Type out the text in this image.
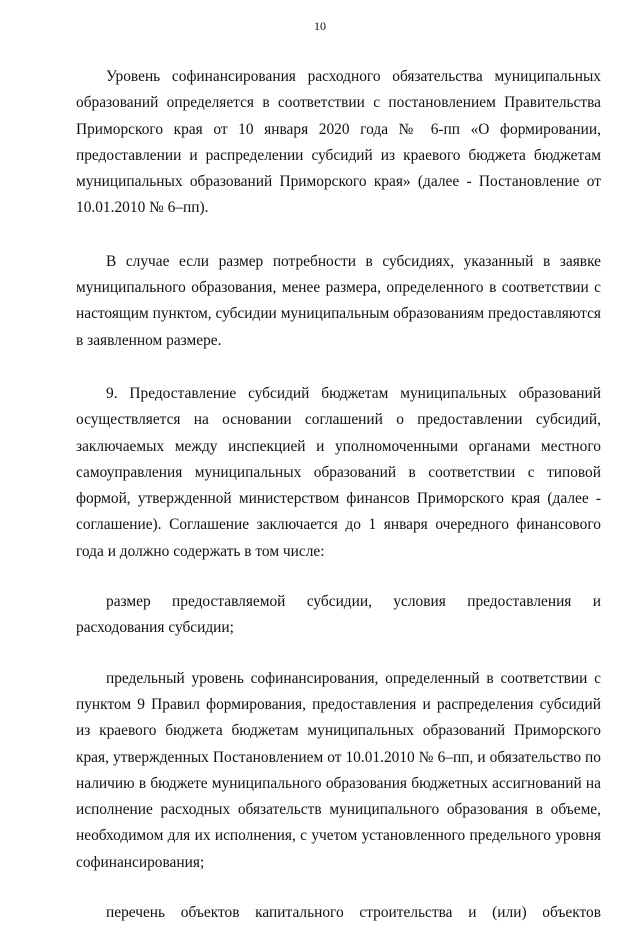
10

Уровень софинансирования расходного обязательства муниципальных образований определяется в соответствии с постановлением Правительства Приморского края от 10 января 2020 года № 6-пп «О формировании, предоставлении и распределении субсидий из краевого бюджета бюджетам муниципальных образований Приморского края» (далее - Постановление от 10.01.2010 № 6–пп).

В случае если размер потребности в субсидиях, указанный в заявке муниципального образования, менее размера, определенного в соответствии с настоящим пунктом, субсидии муниципальным образованиям предоставляются в заявленном размере.

9. Предоставление субсидий бюджетам муниципальных образований осуществляется на основании соглашений о предоставлении субсидий, заключаемых между инспекцией и уполномоченными органами местного самоуправления муниципальных образований в соответствии с типовой формой, утвержденной министерством финансов Приморского края (далее - соглашение). Соглашение заключается до 1 января очередного финансового года и должно содержать в том числе:

размер предоставляемой субсидии, условия предоставления и расходования субсидии;

предельный уровень софинансирования, определенный в соответствии с пунктом 9 Правил формирования, предоставления и распределения субсидий из краевого бюджета бюджетам муниципальных образований Приморского края, утвержденных Постановлением от 10.01.2010 № 6–пп, и обязательство по наличию в бюджете муниципального образования бюджетных ассигнований на исполнение расходных обязательств муниципального образования в объеме, необходимом для их исполнения, с учетом установленного предельного уровня софинансирования;

перечень объектов капитального строительства и (или) объектов
